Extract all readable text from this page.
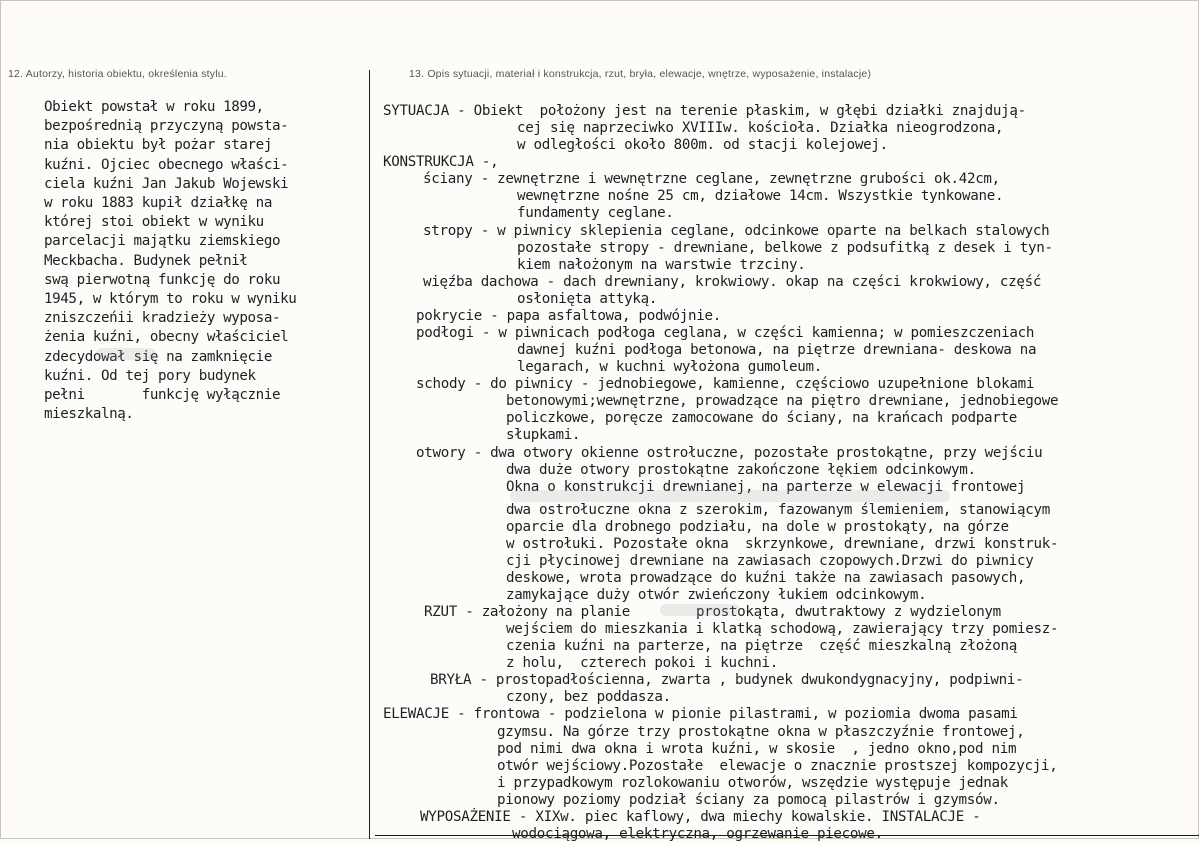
12. Autorzy, historia obiektu, określenia stylu.	13. Opis sytuacji, materiał i konstrukcja, rzut, bryła, elewacje, wnętrze, wyposażenie, instalacje)
Obiekt powstał w roku 1899,
bezpośrednią przyczyną powsta-
nia obiektu był pożar starej
kuźni. Ojciec obecnego właści-
ciela kuźni Jan Jakub Wojewski
w roku 1883 kupił działkę na
której stoi obiekt w wyniku
parcelacji majątku ziemskiego
Meckbacha. Budynek pełnił
swą pierwotną funkcję do roku
1945, w którym to roku w wyniku
zniszczeńii kradzieży wyposa-
żenia kuźni, obecny właściciel
zdecydował się na zamknięcie
kuźni. Od tej pory budynek
pełni       funkcję wyłącznie
mieszkalną.
SYTUACJA - Obiekt  położony jest na terenie płaskim, w głębi działki znajdują-
cej się naprzeciwko XVIIIw. kościoła. Działka nieogrodzona,
w odległości około 800m. od stacji kolejowej.
KONSTRUKCJA -,
ściany - zewnętrzne i wewnętrzne ceglane, zewnętrzne grubości ok.42cm,
wewnętrzne nośne 25 cm, działowe 14cm. Wszystkie tynkowane.
fundamenty ceglane.
stropy - w piwnicy sklepienia ceglane, odcinkowe oparte na belkach stalowych
pozostałe stropy - drewniane, belkowe z podsufitką z desek i tyn-
kiem nałożonym na warstwie trzciny.
więźba dachowa - dach drewniany, krokwiowy. okap na części krokwiowy, część
osłonięta attyką.
pokrycie - papa asfaltowa, podwójnie.
podłogi - w piwnicach podłoga ceglana, w części kamienna; w pomieszczeniach
dawnej kuźni podłoga betonowa, na piętrze drewniana- deskowa na
legarach, w kuchni wyłożona gumoleum.
schody - do piwnicy - jednobiegowe, kamienne, częściowo uzupełnione blokami
betonowymi;wewnętrzne, prowadzące na piętro drewniane, jednobiegowe
policzkowe, poręcze zamocowane do ściany, na krańcach podparte
słupkami.
otwory - dwa otwory okienne ostrołuczne, pozostałe prostokątne, przy wejściu
dwa duże otwory prostokątne zakończone łękiem odcinkowym.
Okna o konstrukcji drewnianej, na parterze w elewacji frontowej
dwa ostrołuczne okna z szerokim, fazowanym ślemieniem, stanowiącym
oparcie dla drobnego podziału, na dole w prostokąty, na górze
w ostrołuki. Pozostałe okna  skrzynkowe, drewniane, drzwi konstruk-
cji płycinowej drewniane na zawiasach czopowych.Drzwi do piwnicy
deskowe, wrota prowadzące do kuźni także na zawiasach pasowych,
zamykające duży otwór zwieńczony łukiem odcinkowym.
RZUT - założony na planie        prostokąta, dwutraktowy z wydzielonym
wejściem do mieszkania i klatką schodową, zawierający trzy pomiesz-
czenia kuźni na parterze, na piętrze  część mieszkalną złożoną
z holu,  czterech pokoi i kuchni.
BRYŁA - prostopadłościenna, zwarta , budynek dwukondygnacyjny, podpiwni-
czony, bez poddasza.
ELEWACJE - frontowa - podzielona w pionie pilastrami, w poziomia dwoma pasami
gzymsu. Na górze trzy prostokątne okna w płaszczyźnie frontowej,
pod nimi dwa okna i wrota kuźni, w skosie  , jedno okno,pod nim
otwór wejściowy.Pozostałe  elewacje o znacznie prostszej kompozycji,
i przypadkowym rozlokowaniu otworów, wszędzie występuje jednak
pionowy poziomy podział ściany za pomocą pilastrów i gzymsów.
WYPOSAŻENIE - XIXw. piec kaflowy, dwa miechy kowalskie. INSTALACJE -
wodociągowa, elektryczna, ogrzewanie piecowe.
